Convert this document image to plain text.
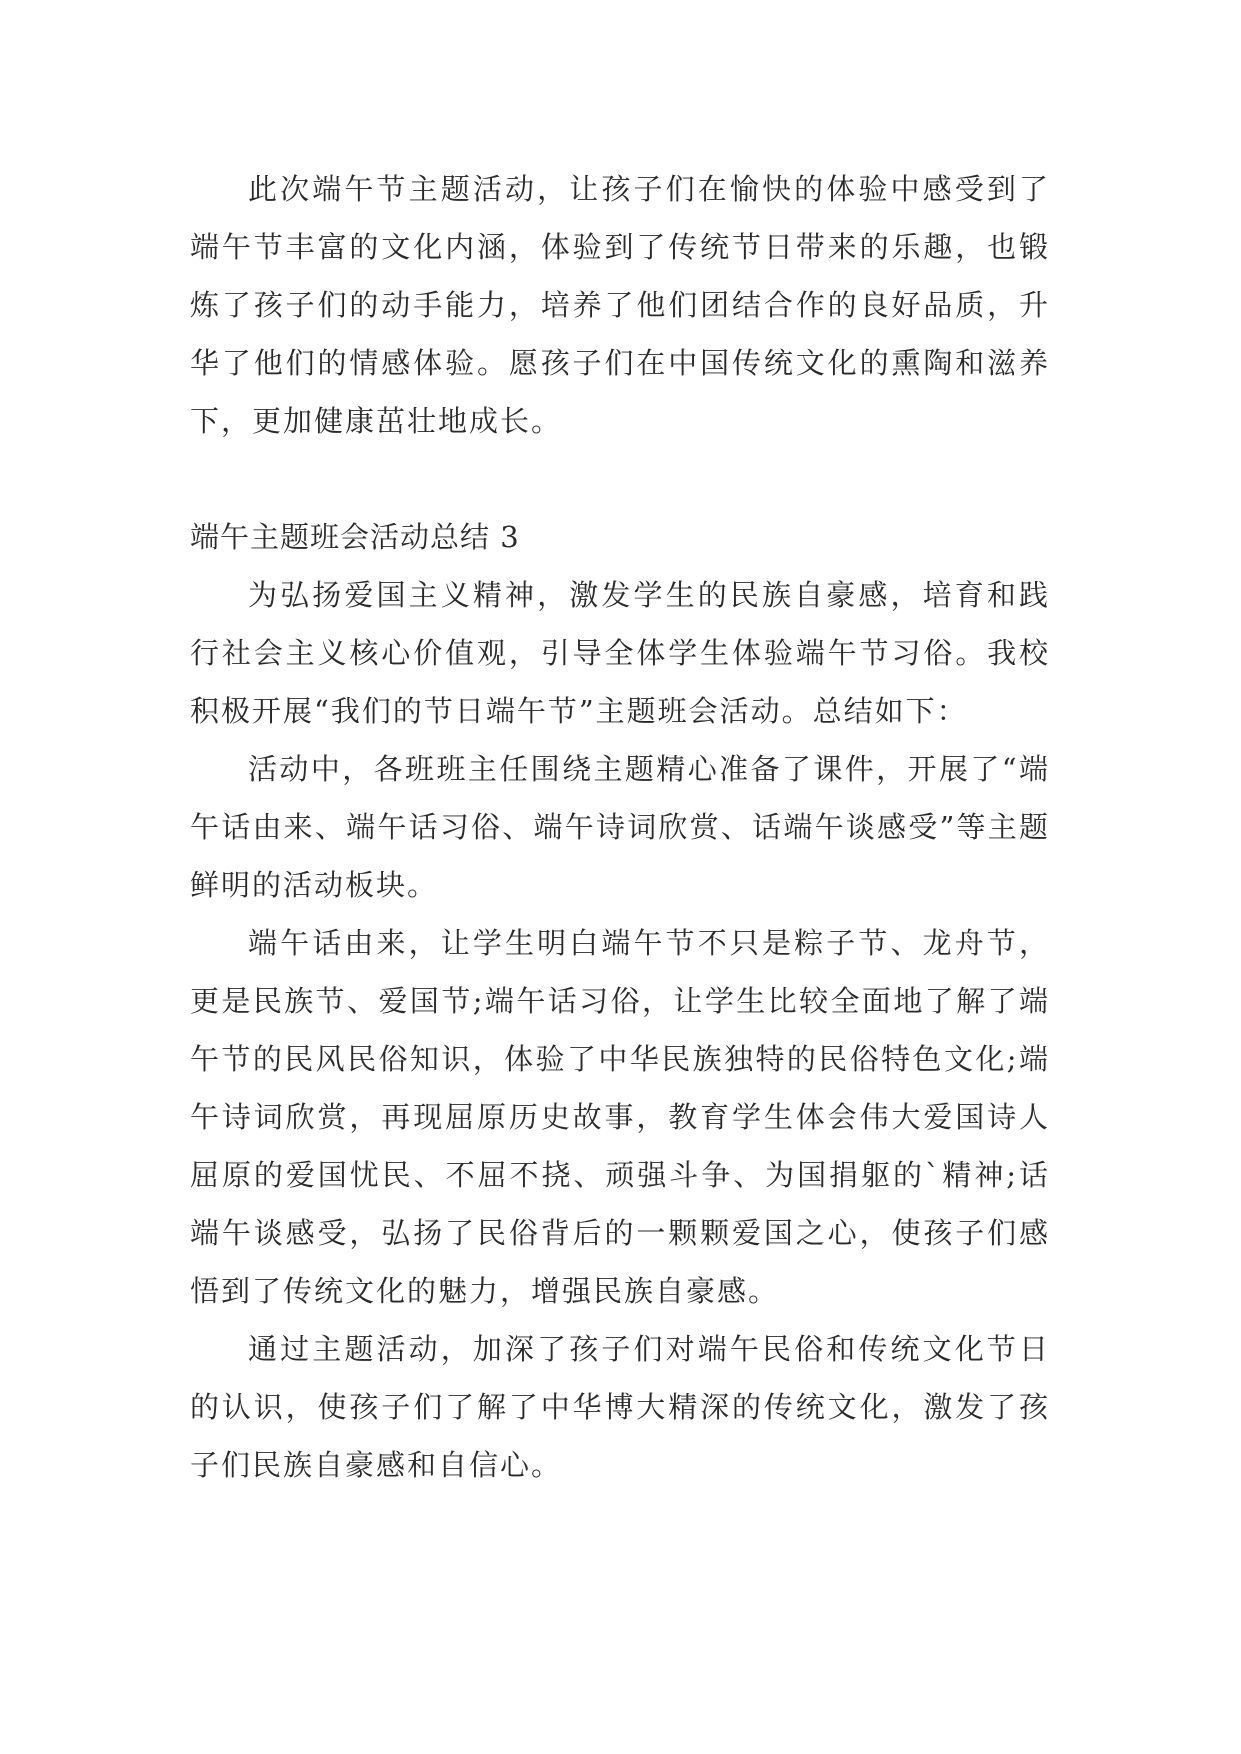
此次端午节主题活动，让孩子们在愉快的体验中感受到了端午节丰富的文化内涵，体验到了传统节日带来的乐趣，也锻炼了孩子们的动手能力，培养了他们团结合作的良好品质，升华了他们的情感体验。愿孩子们在中国传统文化的熏陶和滋养下，更加健康茁壮地成长。

端午主题班会活动总结 3

为弘扬爱国主义精神，激发学生的民族自豪感，培育和践行社会主义核心价值观，引导全体学生体验端午节习俗。我校积极开展“我们的节日端午节”主题班会活动。总结如下：

活动中，各班班主任围绕主题精心准备了课件，开展了“端午话由来、端午话习俗、端午诗词欣赏、话端午谈感受”等主题鲜明的活动板块。

端午话由来，让学生明白端午节不只是粽子节、龙舟节，更是民族节、爱国节;端午话习俗，让学生比较全面地了解了端午节的民风民俗知识，体验了中华民族独特的民俗特色文化;端午诗词欣赏，再现屈原历史故事，教育学生体会伟大爱国诗人屈原的爱国忧民、不屈不挠、顽强斗争、为国捐躯的`精神;话端午谈感受，弘扬了民俗背后的一颗颗爱国之心，使孩子们感悟到了传统文化的魅力，增强民族自豪感。

通过主题活动，加深了孩子们对端午民俗和传统文化节日的认识，使孩子们了解了中华博大精深的传统文化，激发了孩子们民族自豪感和自信心。
